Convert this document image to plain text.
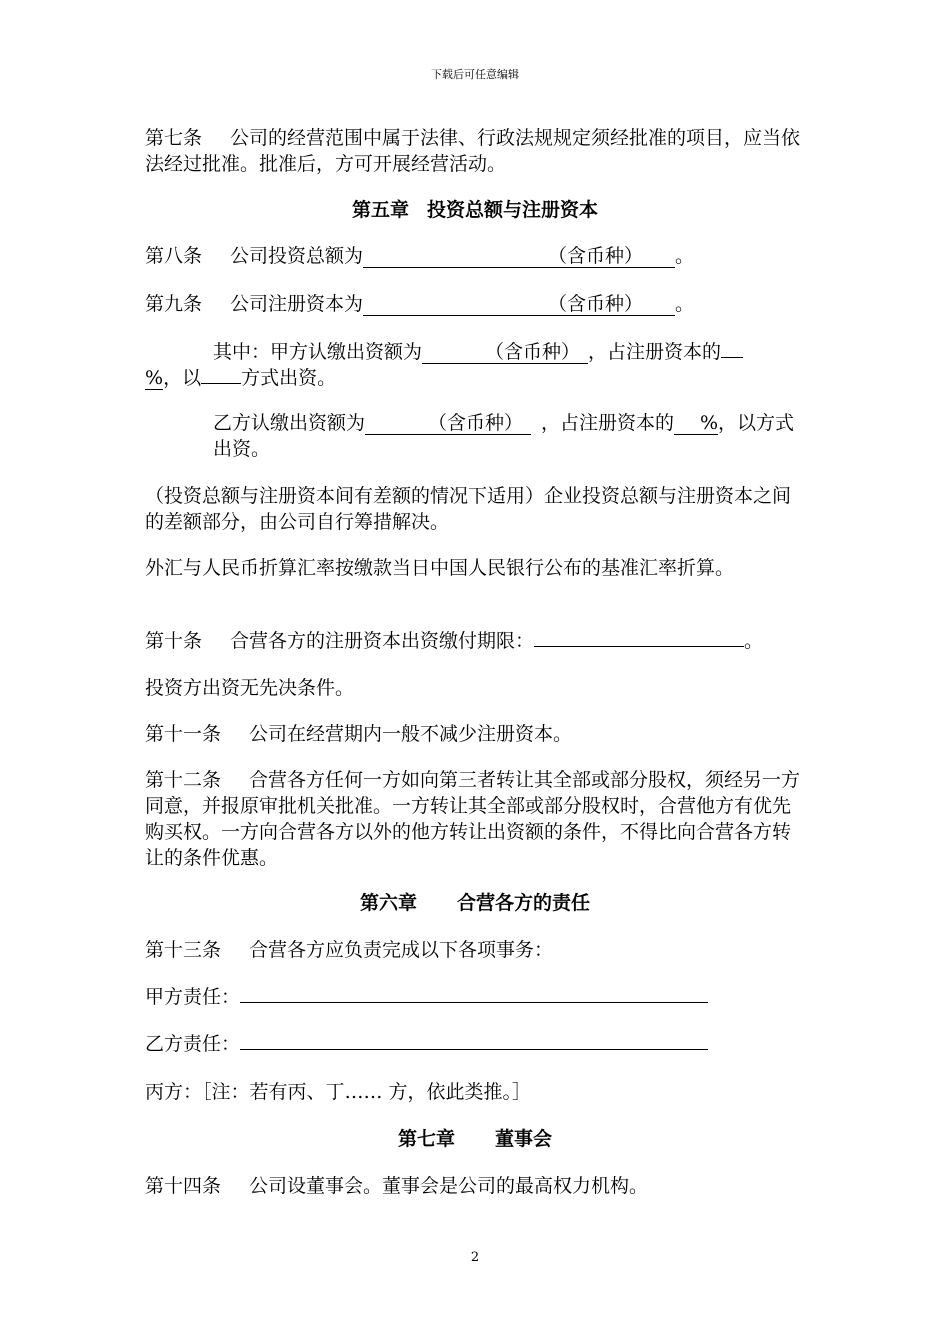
下载后可任意编辑

第七条 公司的经营范围中属于法律、行政法规规定须经批准的项目，应当依法经过批准。批准后，方可开展经营活动。

第五章 投资总额与注册资本

第八条 公司投资总额为	（含币种） 。

第九条 公司注册资本为	（含币种） 。

其中：甲方认缴出资额为	（含币种） ，占注册资本的
%，以 方式出资。

乙方认缴出资额为	（含币种） ，占注册资本的 %，以方式出资。

（投资总额与注册资本间有差额的情况下适用）企业投资总额与注册资本之间的差额部分，由公司自行筹措解决。

外汇与人民币折算汇率按缴款当日中国人民银行公布的基准汇率折算。

第十条 合营各方的注册资本出资缴付期限：	。

投资方出资无先决条件。

第十一条 公司在经营期内一般不减少注册资本。

第十二条 合营各方任何一方如向第三者转让其全部或部分股权，须经另一方同意，并报原审批机关批准。一方转让其全部或部分股权时，合营他方有优先购买权。一方向合营各方以外的他方转让出资额的条件，不得比向合营各方转让的条件优惠。

第六章 合营各方的责任

第十三条 合营各方应负责完成以下各项事务：

甲方责任：

乙方责任：

丙方：［注：若有丙、丁…… 方，依此类推。］

第七章 董事会

第十四条 公司设董事会。董事会是公司的最高权力机构。

2
